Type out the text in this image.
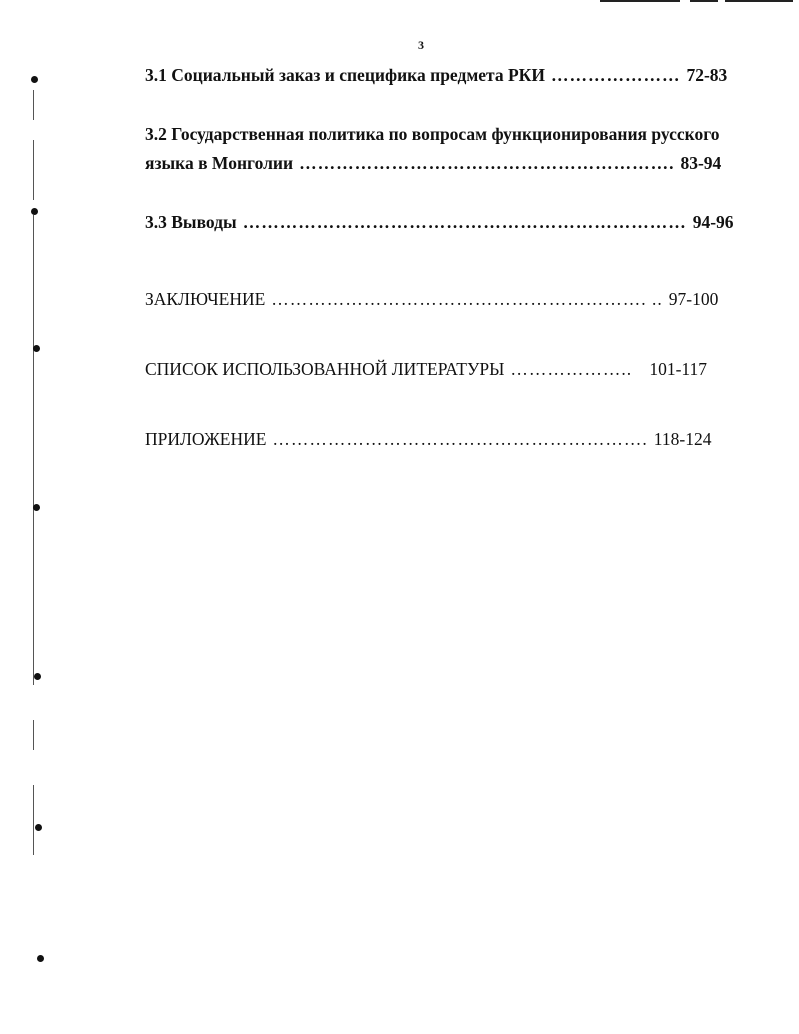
3
3.1 Социальный заказ и специфика предмета РКИ ………………… 72-83
3.2 Государственная политика по вопросам функционирования русского
языка в Монголии ……………………………………………………. 83-94
3.3 Выводы ……………………………………………………………… 94-96
ЗАКЛЮЧЕНИЕ ……………………………………………………. .. 97-100
СПИСОК ИСПОЛЬЗОВАННОЙ ЛИТЕРАТУРЫ ……………….. 101-117
ПРИЛОЖЕНИЕ ……………………………………………………. 118-124
